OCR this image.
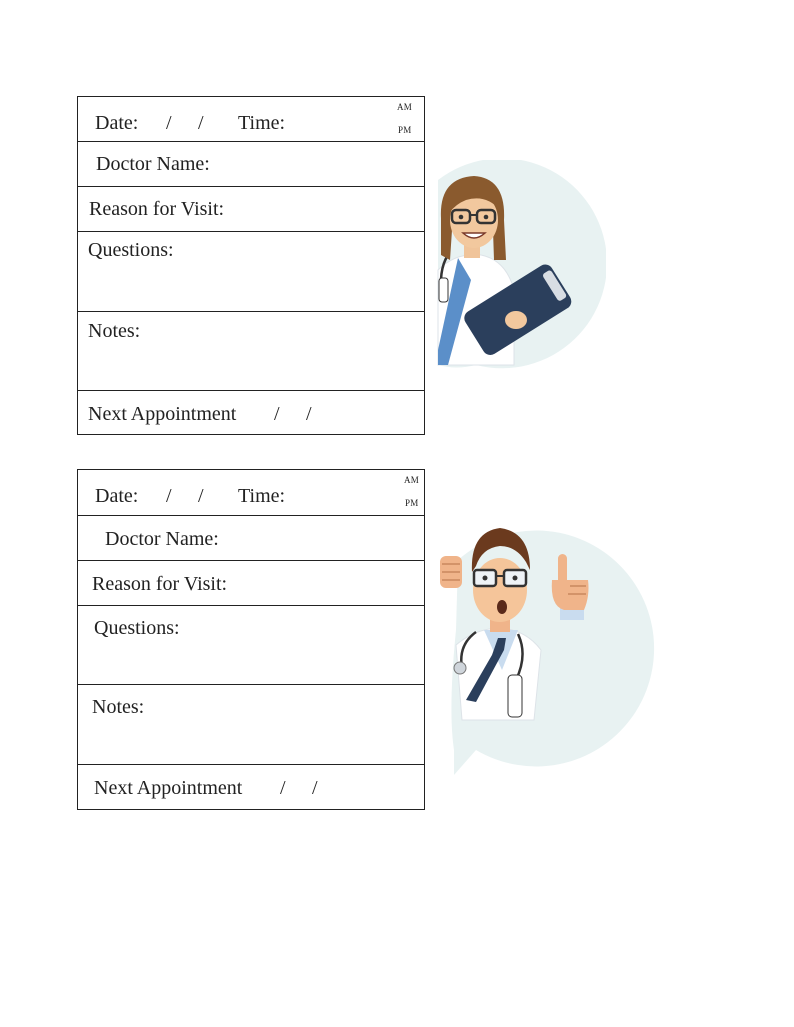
Date: / / Time:
AM
PM
Doctor Name:
Reason for Visit:
Questions:
Notes:
Next Appointment / /
Date: / / Time:
AM
PM
Doctor Name:
Reason for Visit:
Questions:
Notes:
Next Appointment / /
